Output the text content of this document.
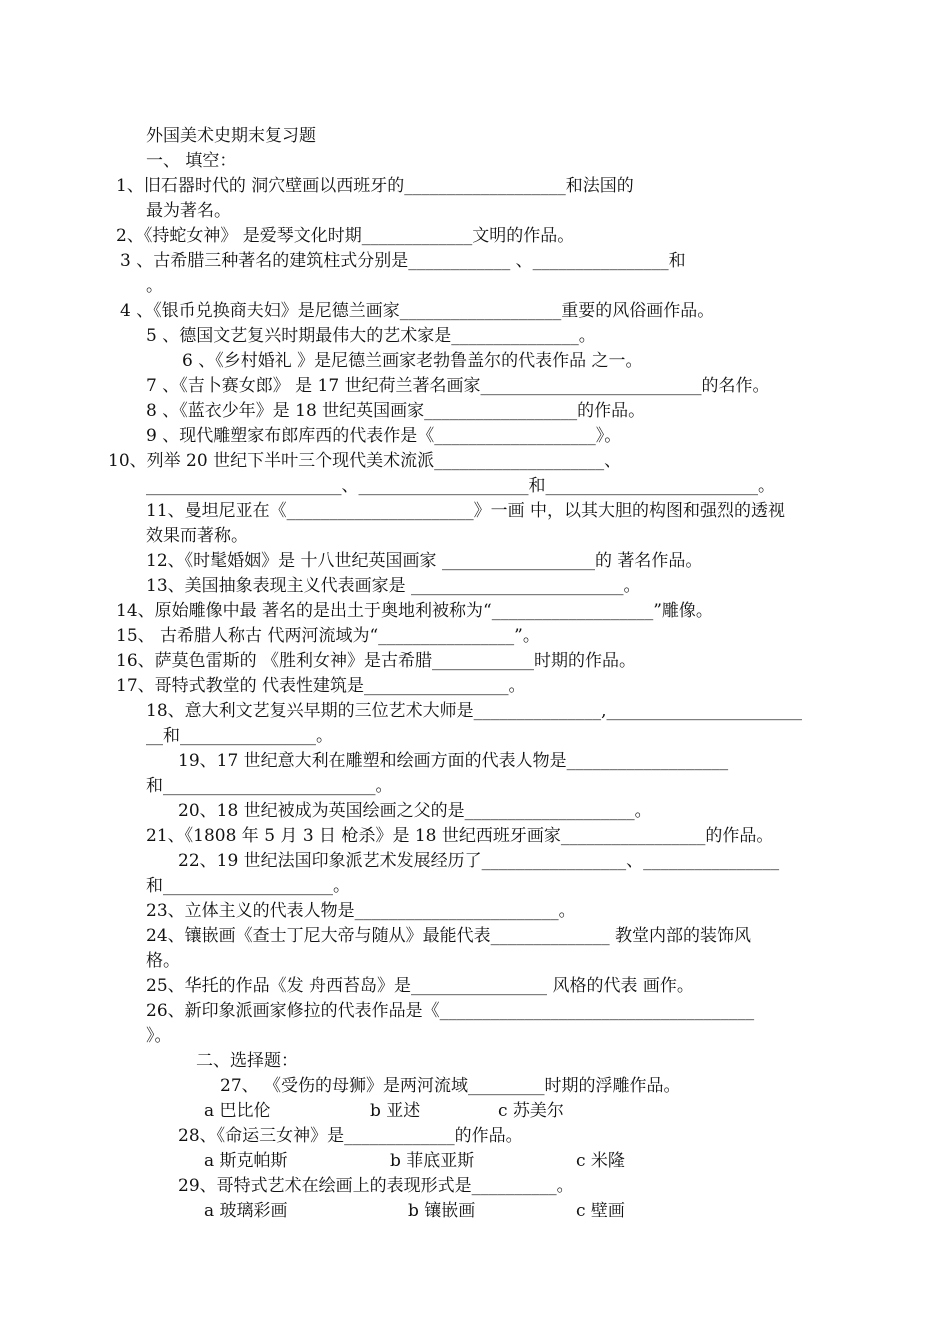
外国美术史期末复习题
一、 填空：
1、旧石器时代的 洞穴壁画以西班牙的___________________和法国的
最为著名。
2、《持蛇女神》 是爱琴文化时期_____________文明的作品。
3 、古希腊三种著名的建筑柱式分别是____________ 、________________和
。
4 、《银币兑换商夫妇》是尼德兰画家___________________重要的风俗画作品。
5 、德国文艺复兴时期最伟大的艺术家是_______________。
6 、《乡村婚礼 》是尼德兰画家老勃鲁盖尔的代表作品 之一。
7 、《吉卜赛女郎》 是 17 世纪荷兰著名画家__________________________的名作。
8 、《蓝衣少年》是 18 世纪英国画家__________________的作品。
9 、现代雕塑家布郎库西的代表作是《___________________》。
10、列举 20 世纪下半叶三个现代美术流派____________________、
_______________________、____________________和_________________________。
11、曼坦尼亚在《______________________》一画 中，以其大胆的构图和强烈的透视
效果而著称。
12、《时髦婚姻》是 十八世纪英国画家 __________________的 著名作品。
13、美国抽象表现主义代表画家是 _________________________。
14、原始雕像中最 著名的是出土于奥地利被称为“___________________”雕像。
15、 古希腊人称古 代两河流域为“________________”。
16、萨莫色雷斯的 《胜利女神》是古希腊____________时期的作品。
17、哥特式教堂的 代表性建筑是_________________。
18、意大利文艺复兴早期的三位艺术大师是_______________,_______________________
__和________________。
19、17 世纪意大利在雕塑和绘画方面的代表人物是___________________
和_________________________。
20、18 世纪被成为英国绘画之父的是____________________。
21、《1808 年 5 月 3 日 枪杀》是 18 世纪西班牙画家_________________的作品。
22、19 世纪法国印象派艺术发展经历了_________________、________________
和____________________。
23、立体主义的代表人物是________________________。
24、镶嵌画《查士丁尼大帝与随从》最能代表______________ 教堂内部的装饰风
格。
25、华托的作品《发 舟西苔岛》是________________ 风格的代表 画作。
26、新印象派画家修拉的代表作品是《_____________________________________
》。
二、选择题：
27、 《受伤的母狮》是两河流域_________时期的浮雕作品。
a 巴比伦	b 亚述	c 苏美尔
28、《命运三女神》是_____________的作品。
a 斯克帕斯	b 菲底亚斯	c 米隆
29、哥特式艺术在绘画上的表现形式是__________。
a 玻璃彩画	b 镶嵌画	c 壁画
